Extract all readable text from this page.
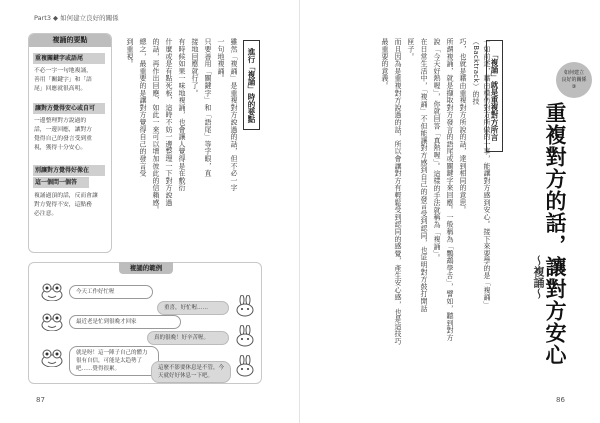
Part3 ◆ 如何建立良好的關係
複誦的要點
重複關鍵字或語尾
不必一字一句地複誦，
善用「關鍵字」和「語
尾」回應就很高明。
讓對方覺得安心或自可
一邊整理對方說過的
話，一邊回應，讓對方
覺得自己的發言受到重
視，獲得十分安心。
別讓對方覺得好像在
這一個問一個答
複誦過頂的話，反而會讓
對方覺得不安，這點務
必注意。
進行「複誦」時的要點
雖然「複誦」是重複對方說過的話，但不必一字
一句地複誦。
只要善用「關鍵字」和「語尾」等字眼，直
接地回應就行了。
有時候如果一味地複誦，也會讓人覺得是在敷衍
什麼或是有點死板，這時不妨一邊整理一下對方說過
的話，再作出回應，如此一來可以增加彼此的信賴感。
總之，最重要的是讓對方覺得自己的發言受
到重視。
複誦的範例
今天工作好忙喔
重喜，好忙喔……
最近老是忙到很晚才回家
真的很晚！好辛苦喔。
就是呀！這一陣子自己的體力很有自信，可能是太趋勢了吧……覺得很累。	這麼不影要休息是不管，今天就好好休息一下吧。
87
如何建立
良好的關係
③
重複對方的話，讓對方安心
～複誦～
「複誦」就是重複對方所言
一如前述，藉由模仿對方所做的一事，能讓對方感到安心。接下來要學的是「複誦」（Backtrack）的技
巧，也就是藉由重複對方所說的話，達到相同的意思。
所謂複誦，就是擷取對方發言的語尾或關鍵字來回應。一般稱為「鸚鵡學舌」，譬如，聽到對方
說「今天好熱喔」，你就回答「真熱喔」。這樣的手法就稱為「複誦」。
在日常生活中，「複誦」不但能讓對方感到自己的發言受到認同，也证明對方鼓打開話
匣子。
而且因為是重複對方說過的話，所以會讓對方有輕鬆受到認同的感覺，產生安心感，也是這技巧
最重要的意義。
86
